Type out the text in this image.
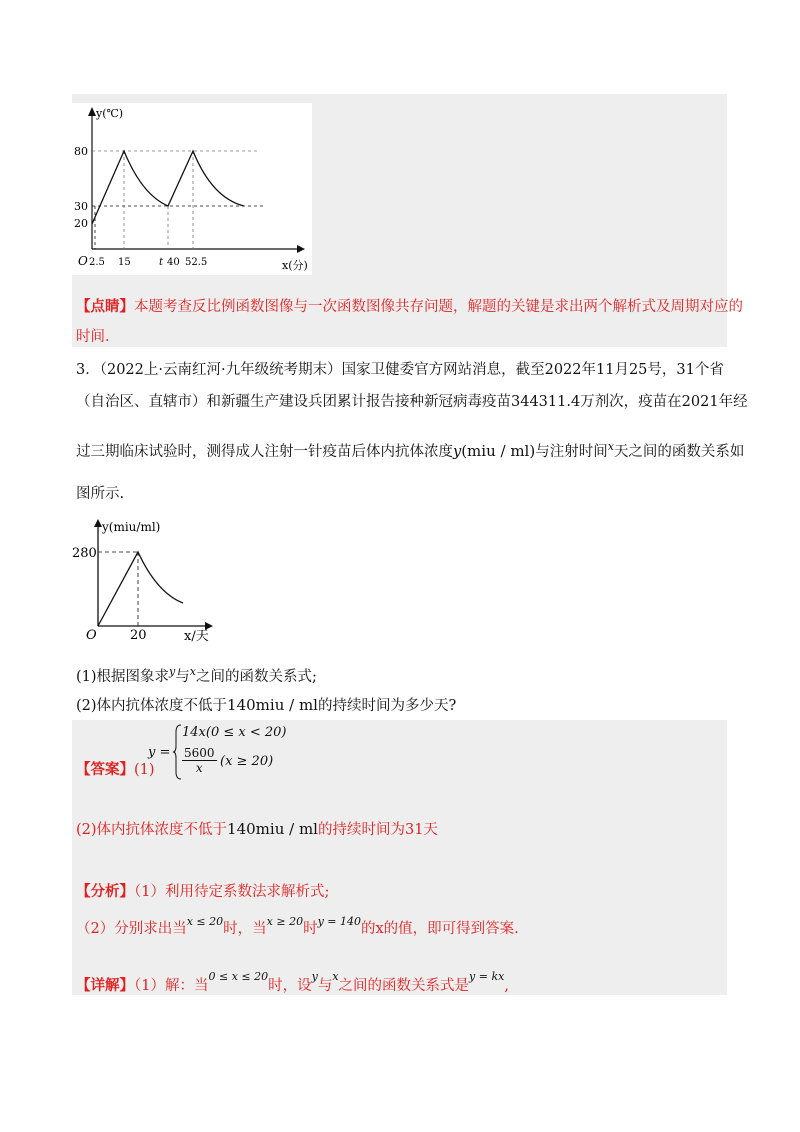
y(℃)
x(分)
O
80
30
20
2.5 15	t 40 52.5
【点睛】本题考查反比例函数图像与一次函数图像共存问题，解题的关键是求出两个解析式及周期对应的
时间.
3．（2022上·云南红河·九年级统考期末）国家卫健委官方网站消息，截至2022年11月25号，31个省
（自治区、直辖市）和新疆生产建设兵团累计报告接种新冠病毒疫苗344311.4万剂次，疫苗在2021年经
过三期临床试验时，测得成人注射一针疫苗后体内抗体浓度y(miu / ml)与注射时间$^x$天之间的函数关系如
图所示.
y(miu/ml)
280
O	20	x/天
(1)根据图象求$^y$与$^x$之间的函数关系式;
(2)体内抗体浓度不低于140miu / ml的持续时间为多少天?
【答案】(1)
y =
14x(0 ≤ x < 20)
$\frac{5600}{x} (x \ge 20)$
(2)体内抗体浓度不低于140miu / ml的持续时间为31天
【分析】（1）利用待定系数法求解析式;
（2）分别求出当$^{x \le 20}$时，当$^{x \ge 20}$时$^{y = 140}$的x的值，即可得到答案.
【详解】（1）解：当$^{0 \le x \le 20}$时，设$^y$与$^x$之间的函数关系式是$^{y = kx}$,
